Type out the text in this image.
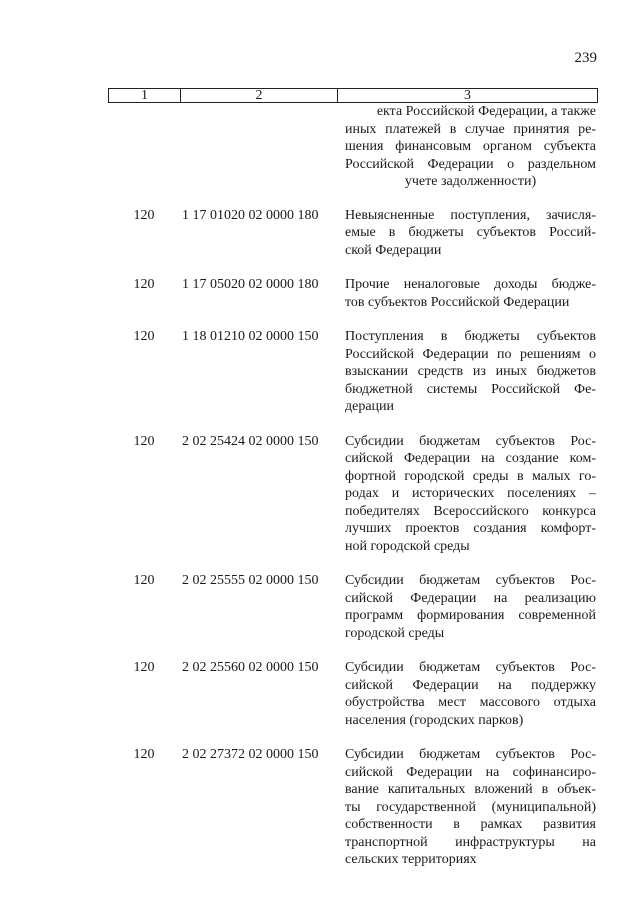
239
1	2	3
екта Российской Федерации, а также
иных платежей в случае принятия ре-
шения финансовым органом субъекта
Российской Федерации о раздельном
учете задолженности)
120	1 17 01020 02 0000 180	Невыясненные поступления, зачисля-
емые в бюджеты субъектов Россий-
ской Федерации
120	1 17 05020 02 0000 180	Прочие неналоговые доходы бюдже-
тов субъектов Российской Федерации
120	1 18 01210 02 0000 150	Поступления в бюджеты субъектов
Российской Федерации по решениям о
взыскании средств из иных бюджетов
бюджетной системы Российской Фе-
дерации
120	2 02 25424 02 0000 150	Субсидии бюджетам субъектов Рос-
сийской Федерации на создание ком-
фортной городской среды в малых го-
родах и исторических поселениях –
победителях Всероссийского конкурса
лучших проектов создания комфорт-
ной городской среды
120	2 02 25555 02 0000 150	Субсидии бюджетам субъектов Рос-
сийской Федерации на реализацию
программ формирования современной
городской среды
120	2 02 25560 02 0000 150	Субсидии бюджетам субъектов Рос-
сийской Федерации на поддержку
обустройства мест массового отдыха
населения (городских парков)
120	2 02 27372 02 0000 150	Субсидии бюджетам субъектов Рос-
сийской Федерации на софинансиро-
вание капитальных вложений в объек-
ты государственной (муниципальной)
собственности в рамках развития
транспортной инфраструктуры на
сельских территориях
